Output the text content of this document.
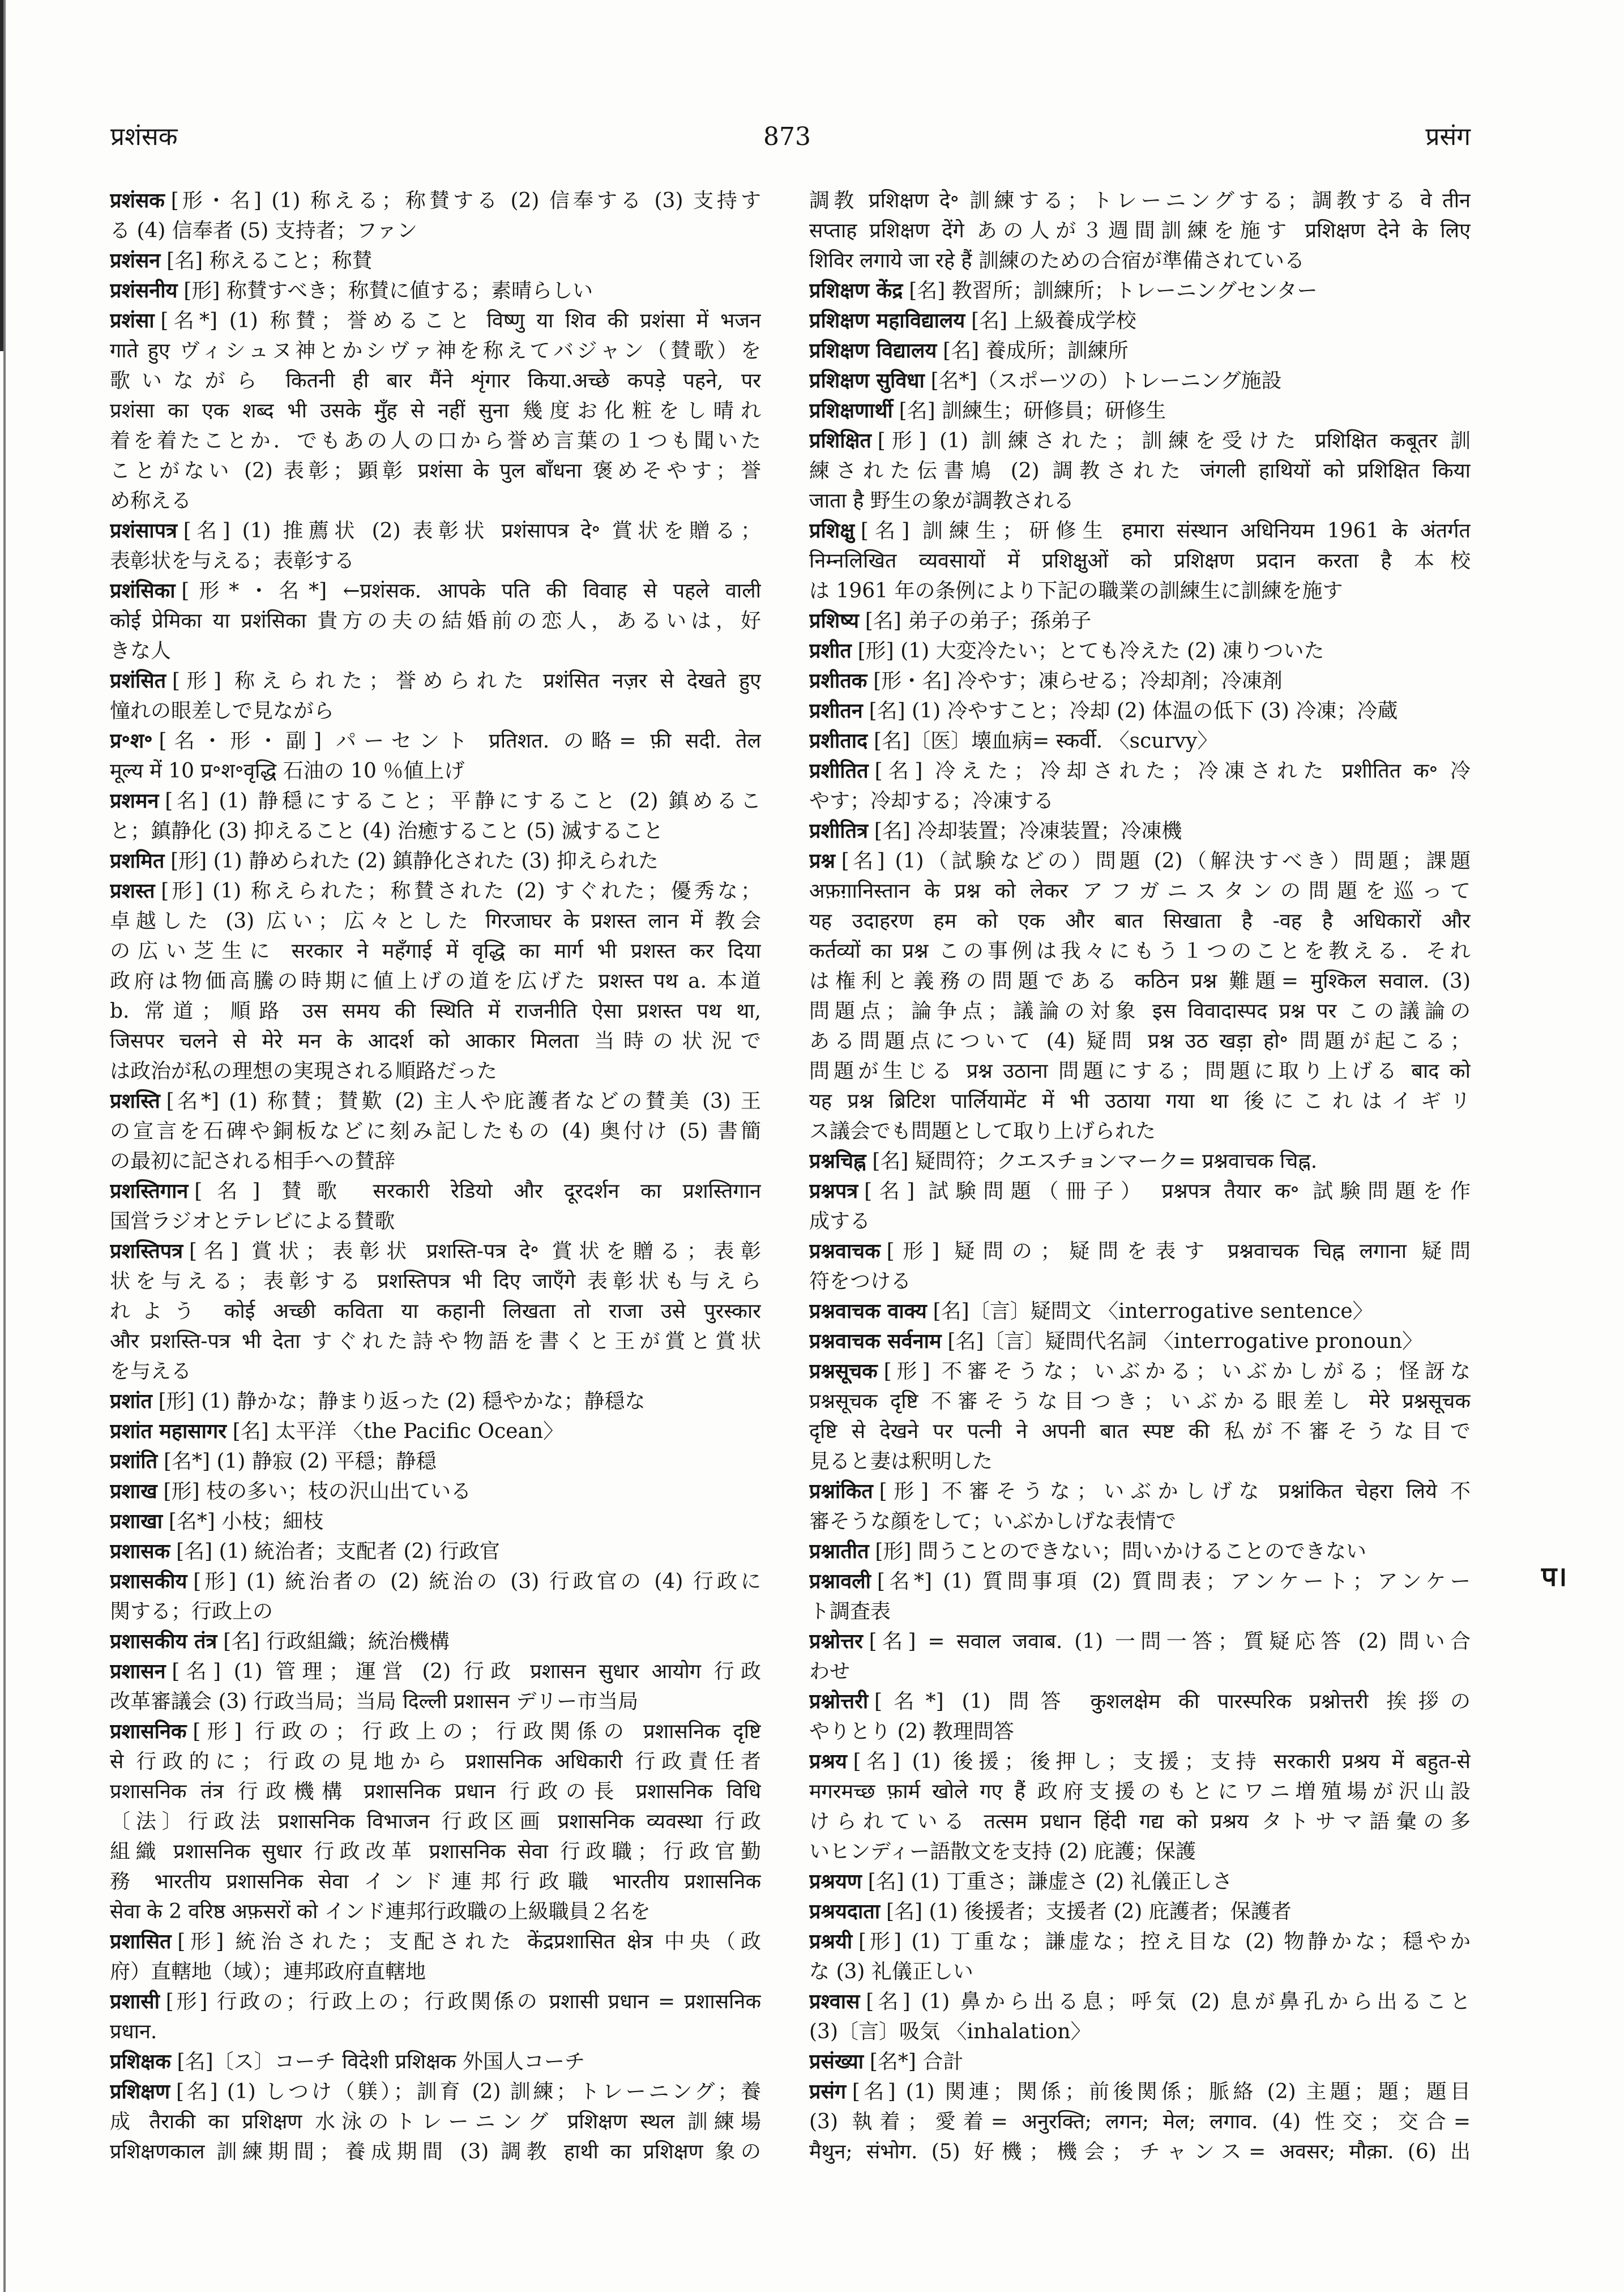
प्रशंसक	873	प्रसंग
प्रशंसक [形・名] (1) 称える；称賛する (2) 信奉する (3) 支持す
る (4) 信奉者 (5) 支持者；ファン
प्रशंसन [名] 称えること；称賛
प्रशंसनीय [形] 称賛すべき；称賛に値する；素晴らしい
प्रशंसा [名*] (1) 称賛；誉めること विष्णु या शिव की प्रशंसा में भजन
गाते हुए ヴィシュヌ神とかシヴァ神を称えてバジャン（賛歌）を
歌いながら कितनी ही बार मैंने शृंगार किया.अच्छे कपड़े पहने, पर
प्रशंसा का एक शब्द भी उसके मुँह से नहीं सुना 幾度お化粧をし晴れ
着を着たことか．でもあの人の口から誉め言葉の１つも聞いた
ことがない (2) 表彰；顕彰 प्रशंसा के पुल बाँधना 褒めそやす；誉
め称える
प्रशंसापत्र [名] (1) 推薦状 (2) 表彰状 प्रशंसापत्र दे॰ 賞状を贈る；
表彰状を与える；表彰する
प्रशंसिका [形*・名*] ←प्रशंसक. आपके पति की विवाह से पहले वाली
कोई प्रेमिका या प्रशंसिका 貴方の夫の結婚前の恋人，あるいは，好
きな人
प्रशंसित [形] 称えられた；誉められた प्रशंसित नज़र से देखते हुए
憧れの眼差しで見ながら
प्र॰श॰ [名・形・副] パーセント प्रतिशत. の略= फ़ी सदी. तेल
मूल्य में 10 प्र॰श॰वृद्धि 石油の 10 ％値上げ
प्रशमन [名] (1) 静穏にすること；平静にすること (2) 鎮めるこ
と；鎮静化 (3) 抑えること (4) 治癒すること (5) 滅すること
प्रशमित [形] (1) 静められた (2) 鎮静化された (3) 抑えられた
प्रशस्त [形] (1) 称えられた；称賛された (2) すぐれた；優秀な；
卓越した (3) 広い；広々とした गिरजाघर के प्रशस्त लान में 教会
の広い芝生に सरकार ने महँगाई में वृद्धि का मार्ग भी प्रशस्त कर दिया
政府は物価高騰の時期に値上げの道を広げた प्रशस्त पथ a. 本道
b. 常道；順路 उस समय की स्थिति में राजनीति ऐसा प्रशस्त पथ था,
जिसपर चलने से मेरे मन के आदर्श को आकार मिलता 当時の状況で
は政治が私の理想の実現される順路だった
प्रशस्ति [名*] (1) 称賛；賛歎 (2) 主人や庇護者などの賛美 (3) 王
の宣言を石碑や銅板などに刻み記したもの (4) 奥付け (5) 書簡
の最初に記される相手への賛辞
प्रशस्तिगान [名] 賛歌 सरकारी रेडियो और दूरदर्शन का प्रशस्तिगान
国営ラジオとテレビによる賛歌
प्रशस्तिपत्र [名] 賞状；表彰状 प्रशस्ति-पत्र दे॰ 賞状を贈る；表彰
状を与える；表彰する प्रशस्तिपत्र भी दिए जाएँगे 表彰状も与えら
れよう कोई अच्छी कविता या कहानी लिखता तो राजा उसे पुरस्कार
और प्रशस्ति-पत्र भी देता すぐれた詩や物語を書くと王が賞と賞状
を与える
प्रशांत [形] (1) 静かな；静まり返った (2) 穏やかな；静穏な
प्रशांत महासागर [名] 太平洋 〈the Pacific Ocean〉
प्रशांति [名*] (1) 静寂 (2) 平穏；静穏
प्रशाख [形] 枝の多い；枝の沢山出ている
प्रशाखा [名*] 小枝；細枝
प्रशासक [名] (1) 統治者；支配者 (2) 行政官
प्रशासकीय [形] (1) 統治者の (2) 統治の (3) 行政官の (4) 行政に
関する；行政上の
प्रशासकीय तंत्र [名] 行政組織；統治機構
प्रशासन [名] (1) 管理；運営 (2) 行政 प्रशासन सुधार आयोग 行政
改革審議会 (3) 行政当局；当局 दिल्ली प्रशासन デリー市当局
प्रशासनिक [形] 行政の；行政上の；行政関係の प्रशासनिक दृष्टि
से 行政的に；行政の見地から प्रशासनिक अधिकारी 行政責任者
प्रशासनिक तंत्र 行政機構 प्रशासनिक प्रधान 行政の長 प्रशासनिक विधि
〔法〕行政法 प्रशासनिक विभाजन 行政区画 प्रशासनिक व्यवस्था 行政
組織 प्रशासनिक सुधार 行政改革 प्रशासनिक सेवा 行政職；行政官勤
務 भारतीय प्रशासनिक सेवा インド連邦行政職 भारतीय प्रशासनिक
सेवा के 2 वरिष्ठ अफ़सरों को インド連邦行政職の上級職員２名を
प्रशासित [形] 統治された；支配された केंद्रप्रशासित क्षेत्र 中央（政
府）直轄地（域）；連邦政府直轄地
प्रशासी [形] 行政の；行政上の；行政関係の प्रशासी प्रधान = प्रशासनिक
प्रधान.
प्रशिक्षक [名]〔ス〕コーチ विदेशी प्रशिक्षक 外国人コーチ
प्रशिक्षण [名] (1) しつけ（躾）；訓育 (2) 訓練；トレーニング；養
成 तैराकी का प्रशिक्षण 水泳のトレーニング प्रशिक्षण स्थल 訓練場
प्रशिक्षणकाल 訓練期間；養成期間 (3) 調教 हाथी का प्रशिक्षण 象の
調教 प्रशिक्षण दे॰ 訓練する；トレーニングする；調教する वे तीन
सप्ताह प्रशिक्षण देंगे あの人が３週間訓練を施す प्रशिक्षण देने के लिए
शिविर लगाये जा रहे हैं 訓練のための合宿が準備されている
प्रशिक्षण केंद्र [名] 教習所；訓練所；トレーニングセンター
प्रशिक्षण महाविद्यालय [名] 上級養成学校
प्रशिक्षण विद्यालय [名] 養成所；訓練所
प्रशिक्षण सुविधा [名*]（スポーツの）トレーニング施設
प्रशिक्षणार्थी [名] 訓練生；研修員；研修生
प्रशिक्षित [形] (1) 訓練された；訓練を受けた प्रशिक्षित कबूतर 訓
練された伝書鳩 (2) 調教された जंगली हाथियों को प्रशिक्षित किया
जाता है 野生の象が調教される
प्रशिक्षु [名] 訓練生；研修生 हमारा संस्थान अधिनियम 1961 के अंतर्गत
निम्नलिखित व्यवसायों में प्रशिक्षुओं को प्रशिक्षण प्रदान करता है 本校
は 1961 年の条例により下記の職業の訓練生に訓練を施す
प्रशिष्य [名] 弟子の弟子；孫弟子
प्रशीत [形] (1) 大変冷たい；とても冷えた (2) 凍りついた
प्रशीतक [形・名] 冷やす；凍らせる；冷却剤；冷凍剤
प्रशीतन [名] (1) 冷やすこと；冷却 (2) 体温の低下 (3) 冷凍；冷蔵
प्रशीताद [名]〔医〕壊血病= स्कर्वी. 〈scurvy〉
प्रशीतित [名] 冷えた；冷却された；冷凍された प्रशीतित क॰ 冷
やす；冷却する；冷凍する
प्रशीतित्र [名] 冷却装置；冷凍装置；冷凍機
प्रश्न [名] (1)（試験などの）問題 (2)（解決すべき）問題；課題
अफ़ग़ानिस्तान के प्रश्न को लेकर アフガニスタンの問題を巡って
यह उदाहरण हम को एक और बात सिखाता है -वह है अधिकारों और
कर्तव्यों का प्रश्न この事例は我々にもう１つのことを教える．それ
は権利と義務の問題である कठिन प्रश्न 難題= मुश्किल सवाल. (3)
問題点；論争点；議論の対象 इस विवादास्पद प्रश्न पर この議論の
ある問題点について (4) 疑問 प्रश्न उठ खड़ा हो॰ 問題が起こる；
問題が生じる प्रश्न उठाना 問題にする；問題に取り上げる बाद को
यह प्रश्न ब्रिटिश पार्लियामेंट में भी उठाया गया था 後にこれはイギリ
ス議会でも問題として取り上げられた
प्रश्नचिह्न [名] 疑問符；クエスチョンマーク= प्रश्नवाचक चिह्न.
प्रश्नपत्र [名] 試験問題（冊子） प्रश्नपत्र तैयार क॰ 試験問題を作
成する
प्रश्नवाचक [形] 疑問の；疑問を表す प्रश्नवाचक चिह्न लगाना 疑問
符をつける
प्रश्नवाचक वाक्य [名]〔言〕疑問文 〈interrogative sentence〉
प्रश्नवाचक सर्वनाम [名]〔言〕疑問代名詞 〈interrogative pronoun〉
प्रश्नसूचक [形] 不審そうな；いぶかる；いぶかしがる；怪訝な
प्रश्नसूचक दृष्टि 不審そうな目つき；いぶかる眼差し मेरे प्रश्नसूचक
दृष्टि से देखने पर पत्नी ने अपनी बात स्पष्ट की 私が不審そうな目で
見ると妻は釈明した
प्रश्नांकित [形] 不審そうな；いぶかしげな प्रश्नांकित चेहरा लिये 不
審そうな顔をして；いぶかしげな表情で
प्रश्नातीत [形] 問うことのできない；問いかけることのできない
प्रश्नावली [名*] (1) 質問事項 (2) 質問表；アンケート；アンケー
ト調査表
प्रश्नोत्तर [名] = सवाल जवाब. (1) 一問一答；質疑応答 (2) 問い合
わせ
प्रश्नोत्तरी [名*] (1) 問答 कुशलक्षेम की पारस्परिक प्रश्नोत्तरी 挨拶の
やりとり (2) 教理問答
प्रश्रय [名] (1) 後援；後押し；支援；支持 सरकारी प्रश्रय में बहुत-से
मगरमच्छ फ़ार्म खोले गए हैं 政府支援のもとにワニ増殖場が沢山設
けられている तत्सम प्रधान हिंदी गद्य को प्रश्रय タトサマ語彙の多
いヒンディー語散文を支持 (2) 庇護；保護
प्रश्रयण [名] (1) 丁重さ；謙虚さ (2) 礼儀正しさ
प्रश्रयदाता [名] (1) 後援者；支援者 (2) 庇護者；保護者
प्रश्रयी [形] (1) 丁重な；謙虚な；控え目な (2) 物静かな；穏やか
な (3) 礼儀正しい
प्रश्वास [名] (1) 鼻から出る息；呼気 (2) 息が鼻孔から出ること
(3)〔言〕吸気 〈inhalation〉
प्रसंख्या [名*] 合計
प्रसंग [名] (1) 関連；関係；前後関係；脈絡 (2) 主題；題；題目
(3) 執着；愛着= अनुरक्ति; लगन; मेल; लगाव. (4) 性交；交合=
मैथुन; संभोग. (5) 好機；機会；チャンス= अवसर; मौक़ा. (6) 出
प।
